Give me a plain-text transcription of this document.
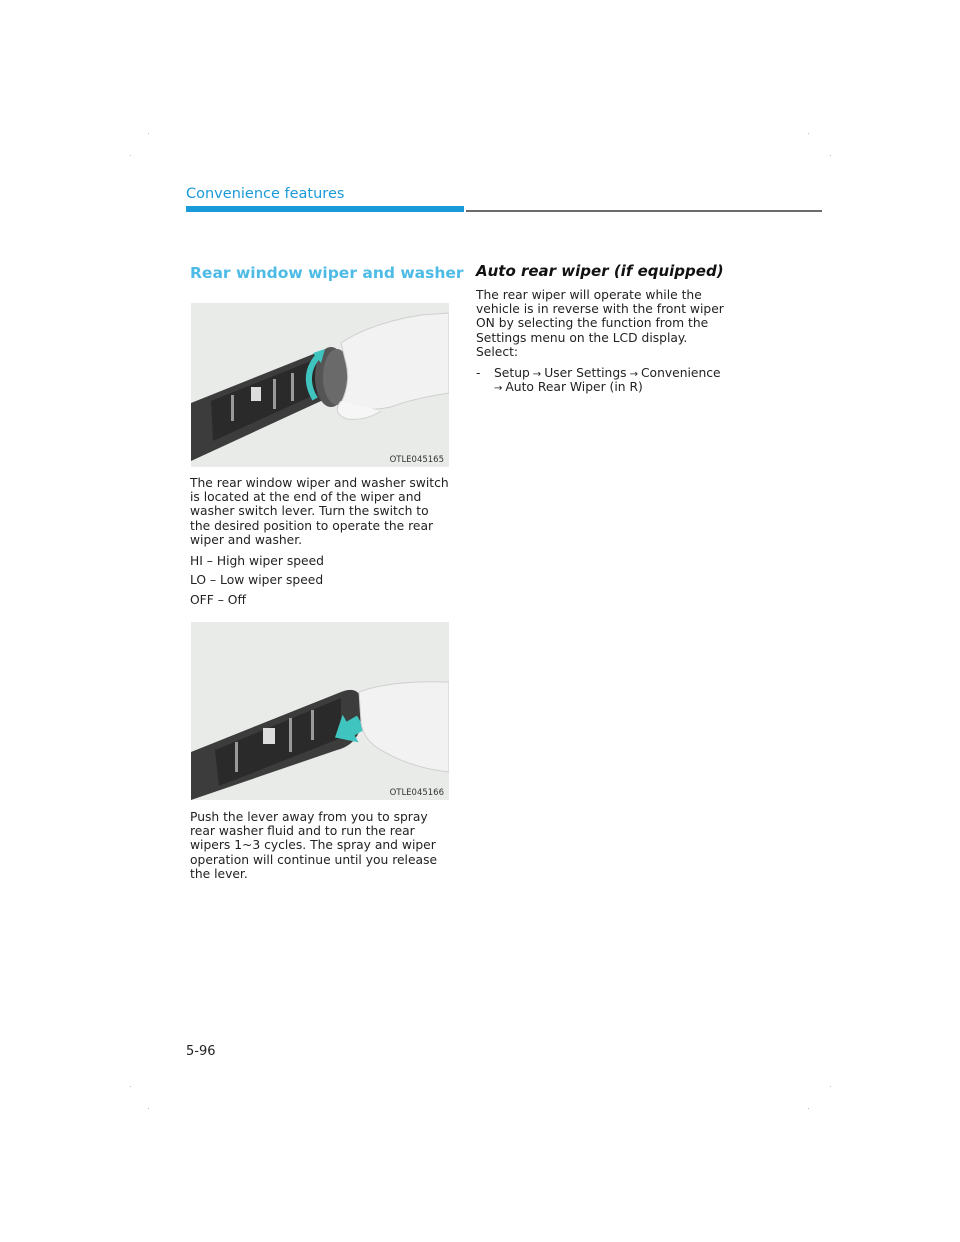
Convenience features
Rear window wiper and washer
OTLE045165

The rear window wiper and washer switch is located at the end of the wiper and washer switch lever. Turn the switch to the desired position to operate the rear wiper and washer.

HI – High wiper speed
LO – Low wiper speed
OFF – Off
OTLE045166

Push the lever away from you to spray rear washer fluid and to run the rear wipers 1~3 cycles. The spray and wiper operation will continue until you release the lever.

Auto rear wiper (if equipped)

The rear wiper will operate while the vehicle is in reverse with the front wiper ON by selecting the function from the Settings menu on the LCD display.

Select:
- Setup → User Settings → Convenience
→ Auto Rear Wiper (in R)
5-96
